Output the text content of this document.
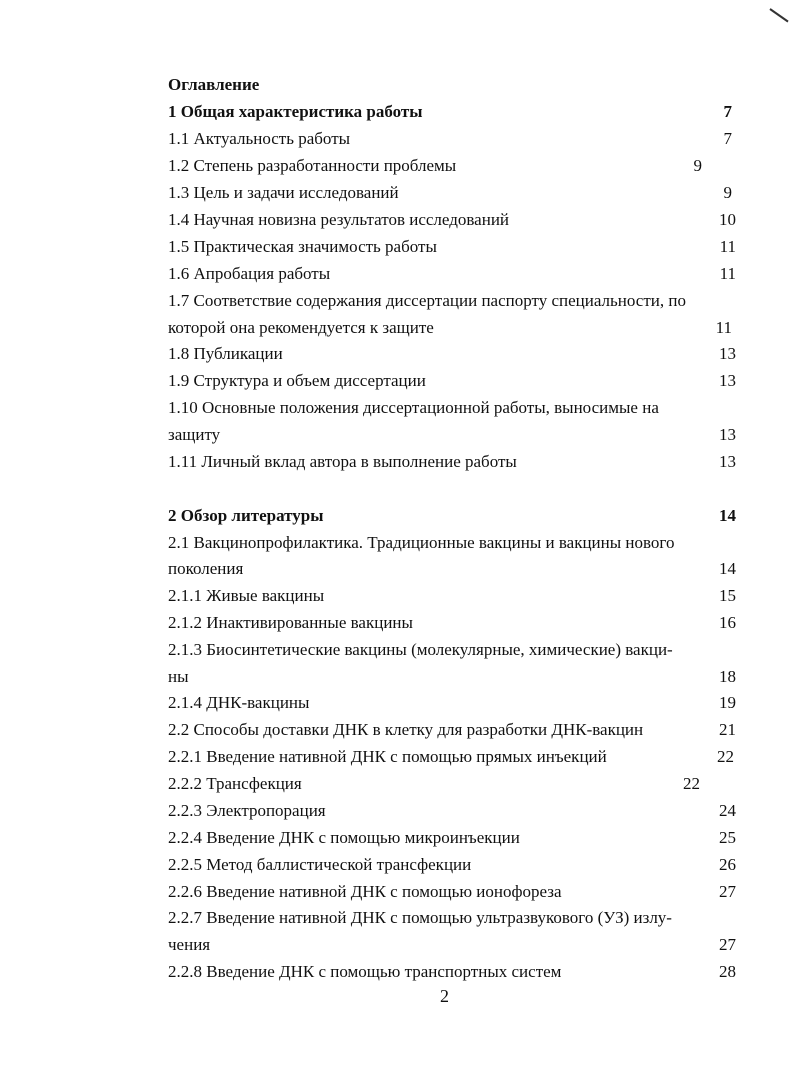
Оглавление
1 Общая характеристика работы	7
1.1 Актуальность работы	7
1.2 Степень разработанности проблемы	9
1.3 Цель и задачи исследований	9
1.4 Научная новизна результатов исследований	10
1.5 Практическая значимость работы	11
1.6 Апробация работы	11
1.7 Соответствие содержания диссертации паспорту специальности, по
которой она рекомендуется к защите	11
1.8 Публикации	13
1.9 Структура и объем диссертации	13
1.10 Основные положения диссертационной работы, выносимые на
защиту	13
1.11 Личный вклад автора в выполнение работы	13
2 Обзор литературы	14
2.1 Вакцинопрофилактика. Традиционные вакцины и вакцины нового
поколения	14
2.1.1 Живые вакцины	15
2.1.2 Инактивированные вакцины	16
2.1.3 Биосинтетические вакцины (молекулярные, химические) вакци-
ны	18
2.1.4 ДНК-вакцины	19
2.2 Способы доставки ДНК в клетку для разработки ДНК-вакцин	21
2.2.1 Введение нативной ДНК с помощью прямых инъекций	22
2.2.2 Трансфекция	22
2.2.3 Электропорация	24
2.2.4 Введение ДНК с помощью микроинъекции	25
2.2.5 Метод баллистической трансфекции	26
2.2.6 Введение нативной ДНК с помощью ионофореза	27
2.2.7 Введение нативной ДНК с помощью ультразвукового (УЗ) излу-
чения	27
2.2.8 Введение ДНК с помощью транспортных систем	28
2
